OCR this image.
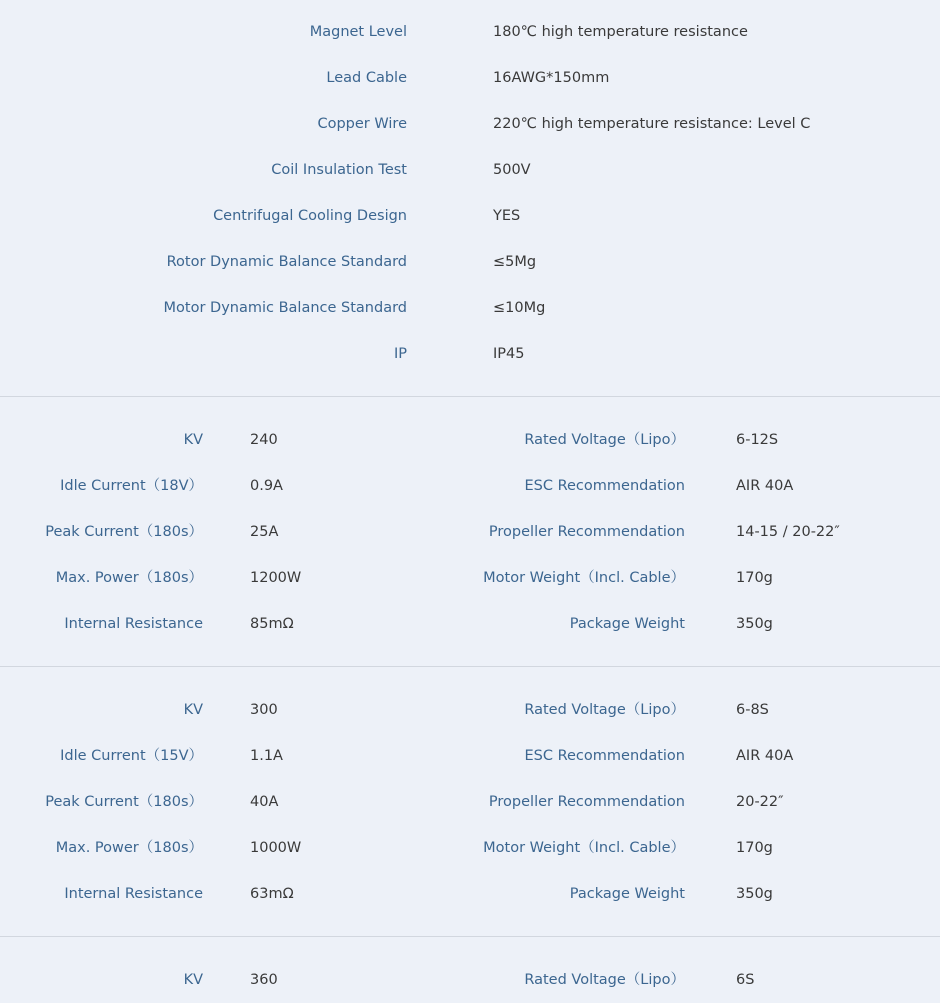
Magnet Level	180℃ high temperature resistance
Lead Cable	16AWG*150mm
Copper Wire	220℃ high temperature resistance: Level C
Coil Insulation Test	500V
Centrifugal Cooling Design	YES
Rotor Dynamic Balance Standard	≤5Mg
Motor Dynamic Balance Standard	≤10Mg
IP	IP45
KV	240	Rated Voltage（Lipo）	6-12S
Idle Current（18V）	0.9A	ESC Recommendation	AIR 40A
Peak Current（180s）	25A	Propeller Recommendation	14-15 / 20-22″
Max. Power（180s）	1200W	Motor Weight（Incl. Cable）	170g
Internal Resistance	85mΩ	Package Weight	350g
KV	300	Rated Voltage（Lipo）	6-8S
Idle Current（15V）	1.1A	ESC Recommendation	AIR 40A
Peak Current（180s）	40A	Propeller Recommendation	20-22″
Max. Power（180s）	1000W	Motor Weight（Incl. Cable）	170g
Internal Resistance	63mΩ	Package Weight	350g
KV	360	Rated Voltage（Lipo）	6S
